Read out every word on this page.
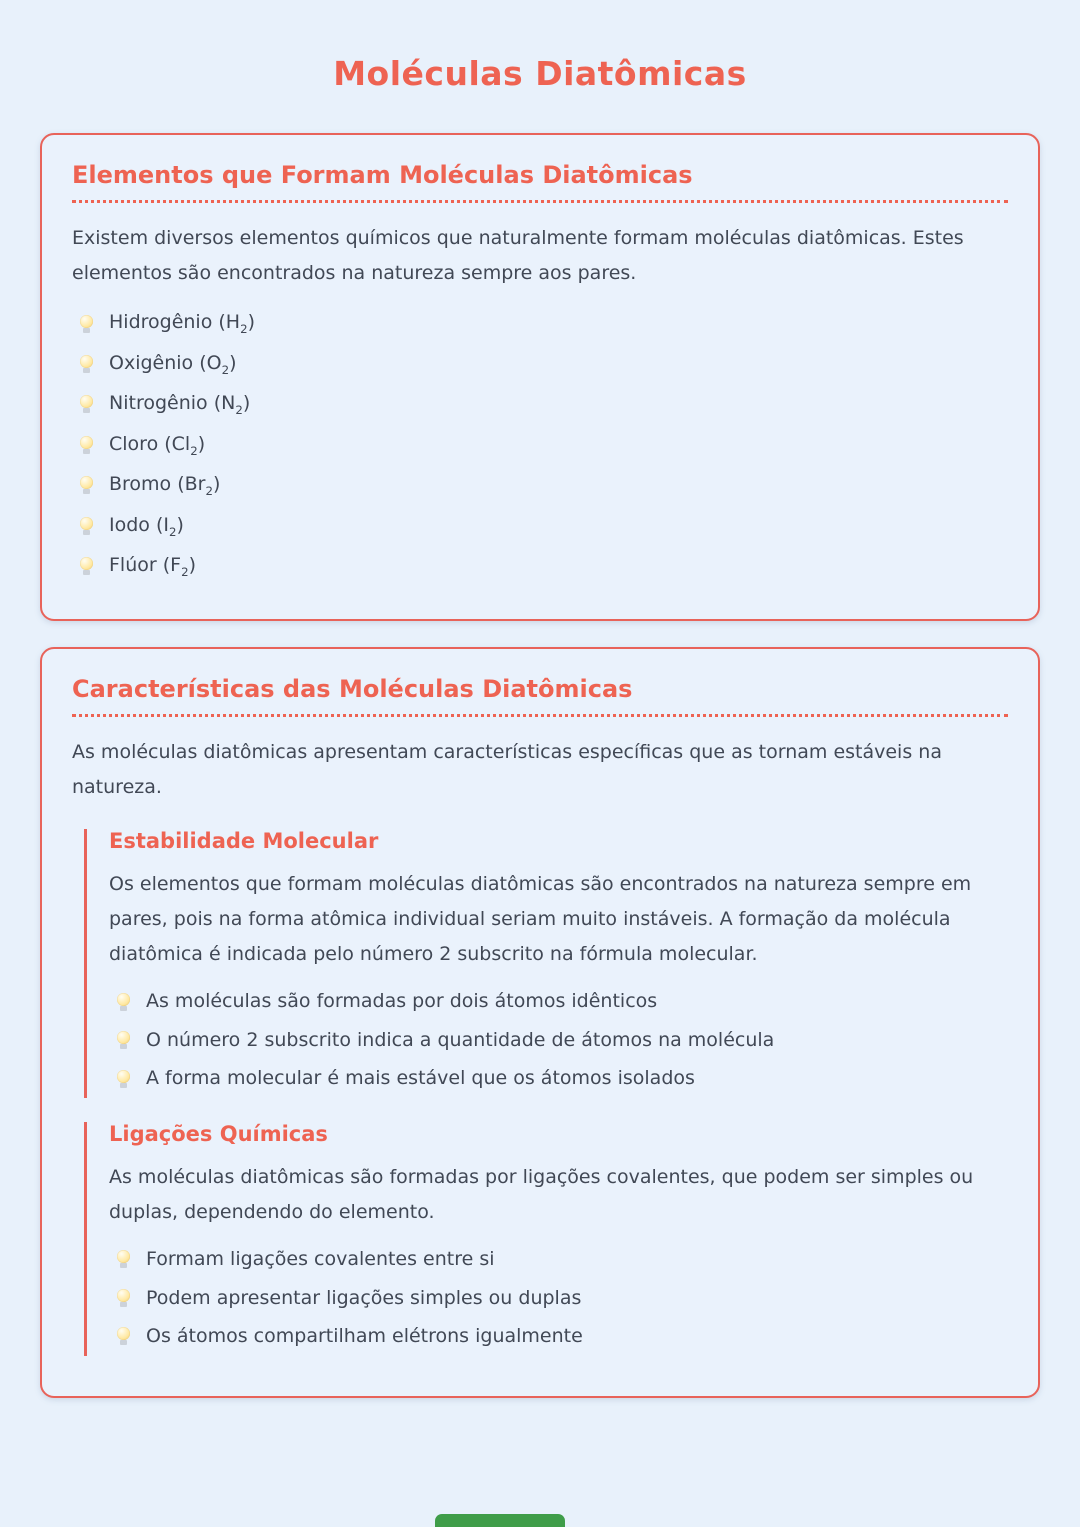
Moléculas Diatômicas
Elementos que Formam Moléculas Diatômicas

Existem diversos elementos químicos que naturalmente formam moléculas diatômicas. Estes elementos são encontrados na natureza sempre aos pares.

Hidrogênio $(H_2)$
Oxigênio $(O_2)$
Nitrogênio $(N_2)$
Cloro $(Cl_2)$
Bromo $(Br_2)$
Iodo $(I_2)$
Flúor $(F_2)$
Características das Moléculas Diatômicas

As moléculas diatômicas apresentam características específicas que as tornam estáveis na natureza.

Estabilidade Molecular

Os elementos que formam moléculas diatômicas são encontrados na natureza sempre em pares, pois na forma atômica individual seriam muito instáveis. A formação da molécula diatômica é indicada pelo número 2 subscrito na fórmula molecular.

As moléculas são formadas por dois átomos idênticos
O número 2 subscrito indica a quantidade de átomos na molécula
A forma molecular é mais estável que os átomos isolados
Ligações Químicas

As moléculas diatômicas são formadas por ligações covalentes, que podem ser simples ou duplas, dependendo do elemento.

Formam ligações covalentes entre si
Podem apresentar ligações simples ou duplas
Os átomos compartilham elétrons igualmente
